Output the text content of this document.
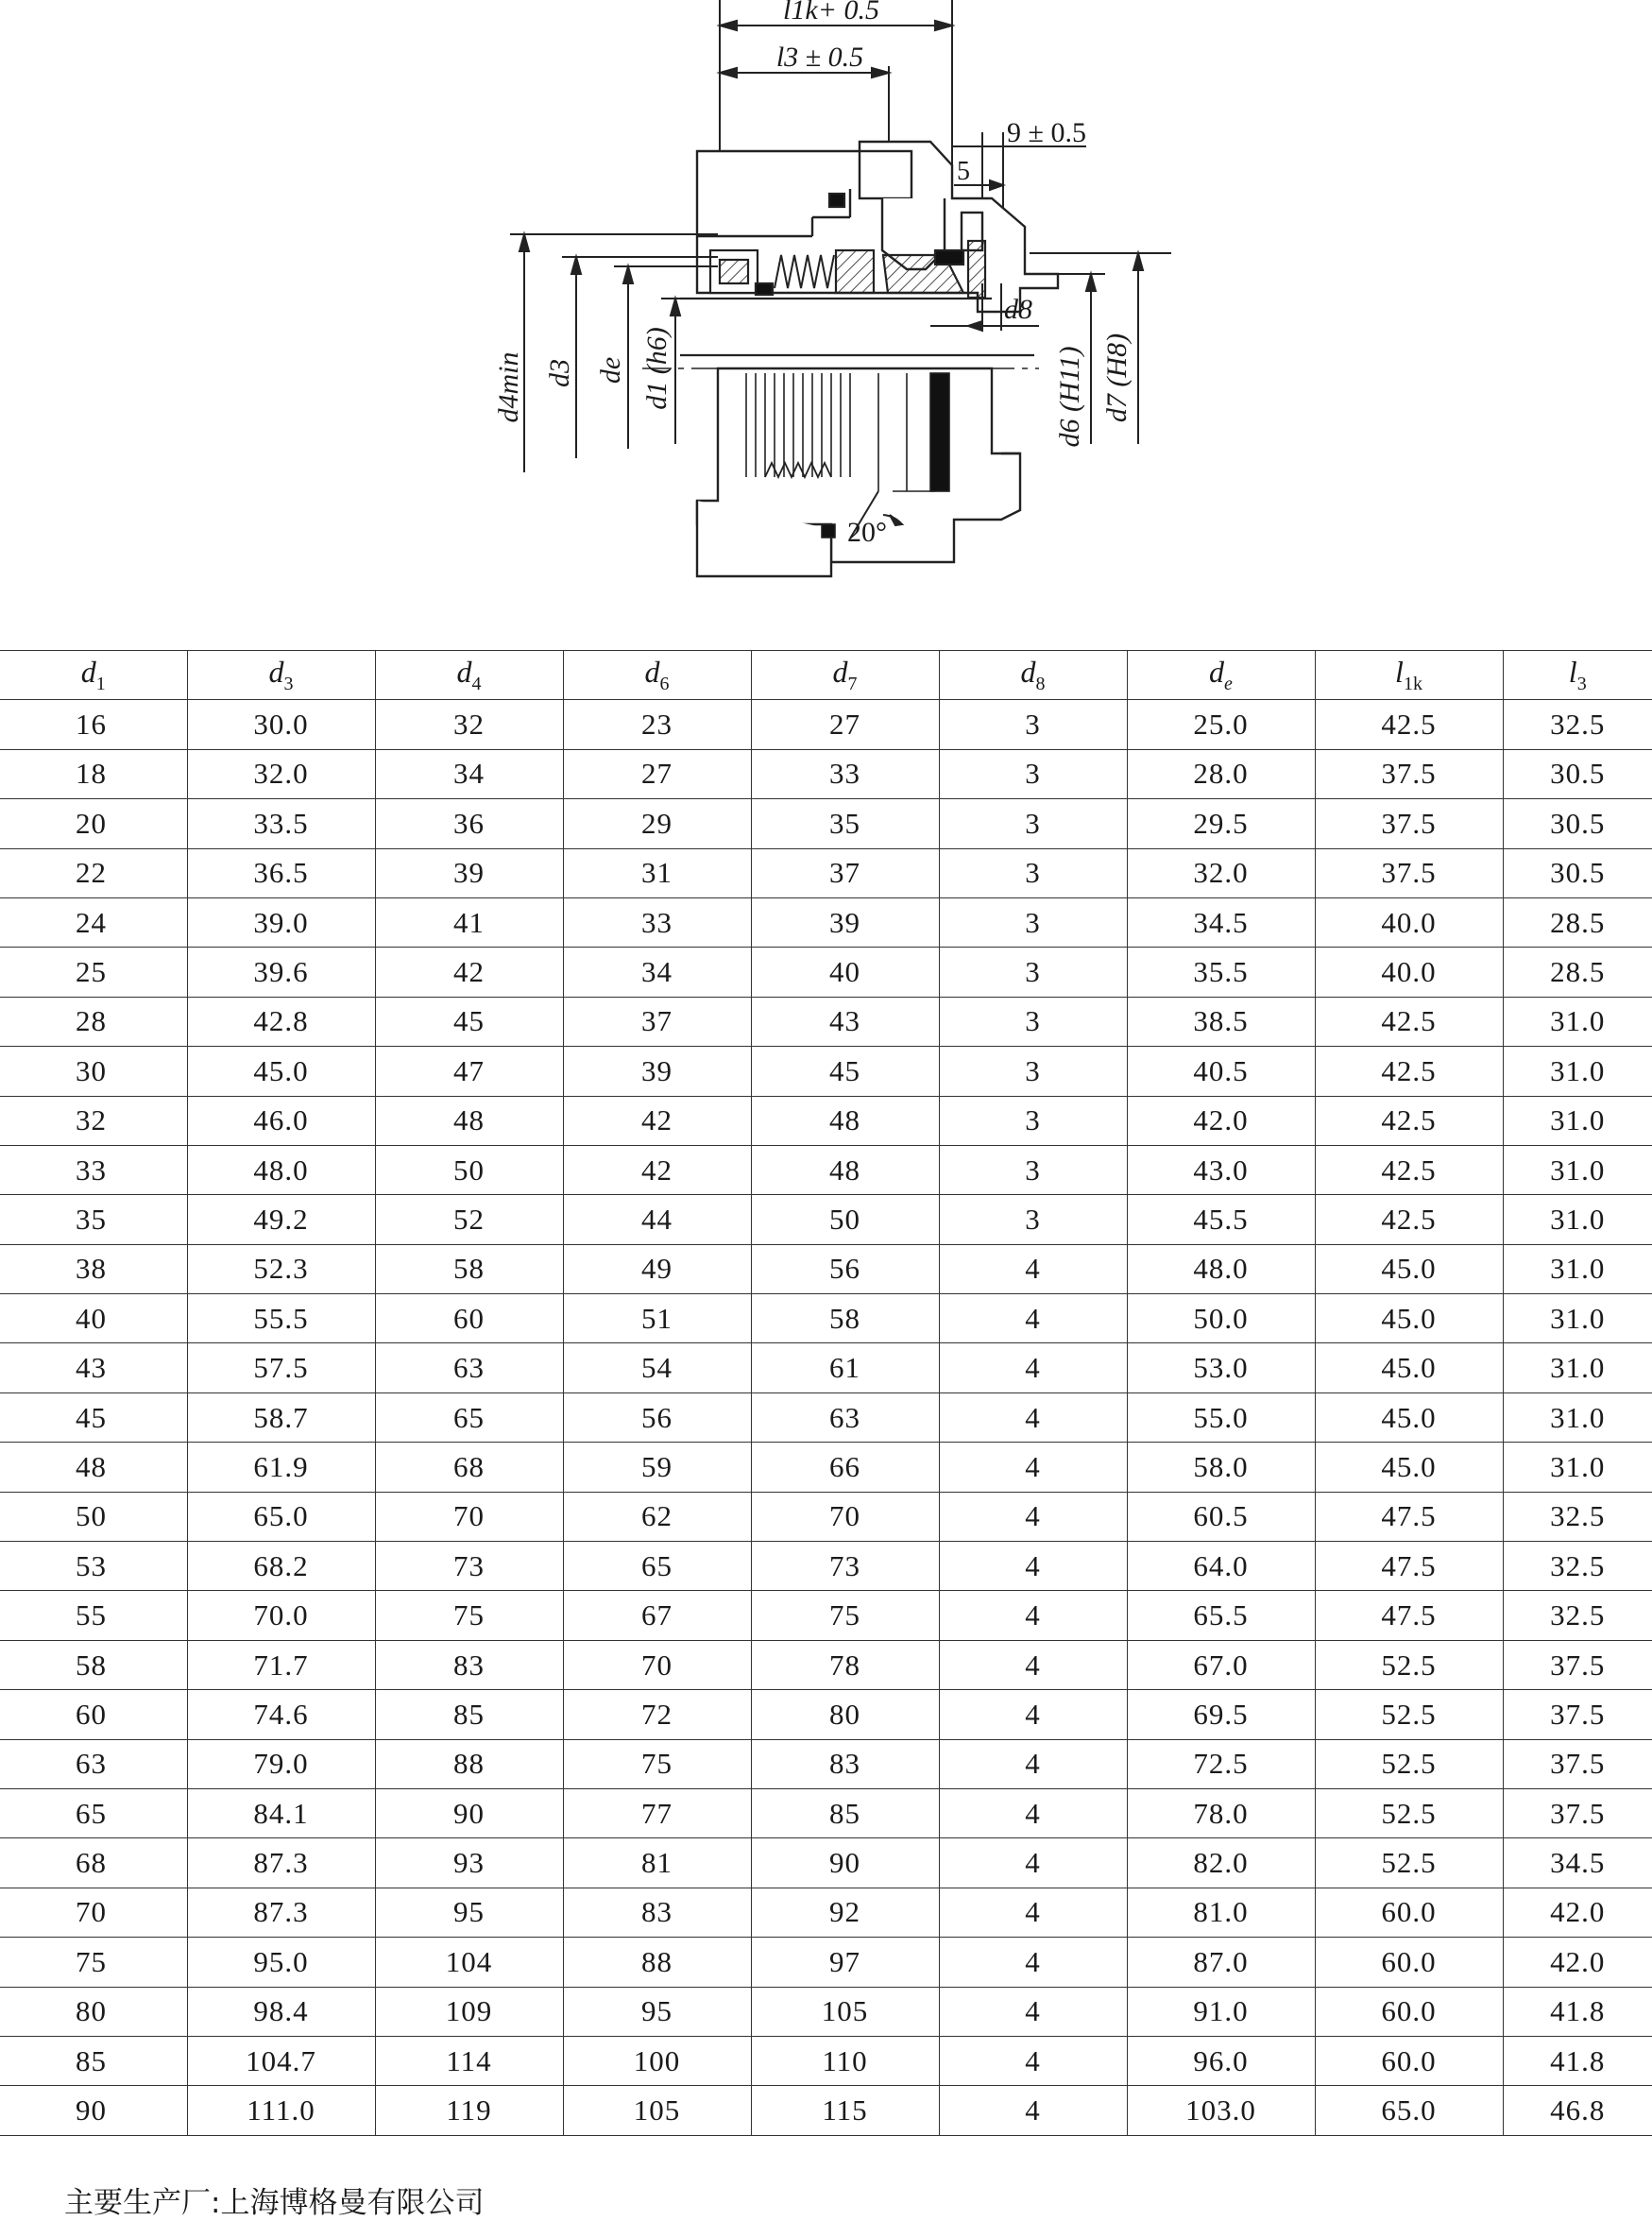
l1k+ 0.5
l3 ± 0.5
9 ± 0.5
5
d4min d3 de d1 (h6)
d8
d6 (H11) d7 (H8)
20°
$d_1$	$d_3$	$d_4$	$d_6$	$d_7$	$d_8$	$d_e$	$l_{1k}$	$l_3$
16	30.0	32	23	27	3	25.0	42.5	32.5
18	32.0	34	27	33	3	28.0	37.5	30.5
20	33.5	36	29	35	3	29.5	37.5	30.5
22	36.5	39	31	37	3	32.0	37.5	30.5
24	39.0	41	33	39	3	34.5	40.0	28.5
25	39.6	42	34	40	3	35.5	40.0	28.5
28	42.8	45	37	43	3	38.5	42.5	31.0
30	45.0	47	39	45	3	40.5	42.5	31.0
32	46.0	48	42	48	3	42.0	42.5	31.0
33	48.0	50	42	48	3	43.0	42.5	31.0
35	49.2	52	44	50	3	45.5	42.5	31.0
38	52.3	58	49	56	4	48.0	45.0	31.0
40	55.5	60	51	58	4	50.0	45.0	31.0
43	57.5	63	54	61	4	53.0	45.0	31.0
45	58.7	65	56	63	4	55.0	45.0	31.0
48	61.9	68	59	66	4	58.0	45.0	31.0
50	65.0	70	62	70	4	60.5	47.5	32.5
53	68.2	73	65	73	4	64.0	47.5	32.5
55	70.0	75	67	75	4	65.5	47.5	32.5
58	71.7	83	70	78	4	67.0	52.5	37.5
60	74.6	85	72	80	4	69.5	52.5	37.5
63	79.0	88	75	83	4	72.5	52.5	37.5
65	84.1	90	77	85	4	78.0	52.5	37.5
68	87.3	93	81	90	4	82.0	52.5	34.5
70	87.3	95	83	92	4	81.0	60.0	42.0
75	95.0	104	88	97	4	87.0	60.0	42.0
80	98.4	109	95	105	4	91.0	60.0	41.8
85	104.7	114	100	110	4	96.0	60.0	41.8
90	111.0	119	105	115	4	103.0	65.0	46.8
主要生产厂:上海博格曼有限公司
